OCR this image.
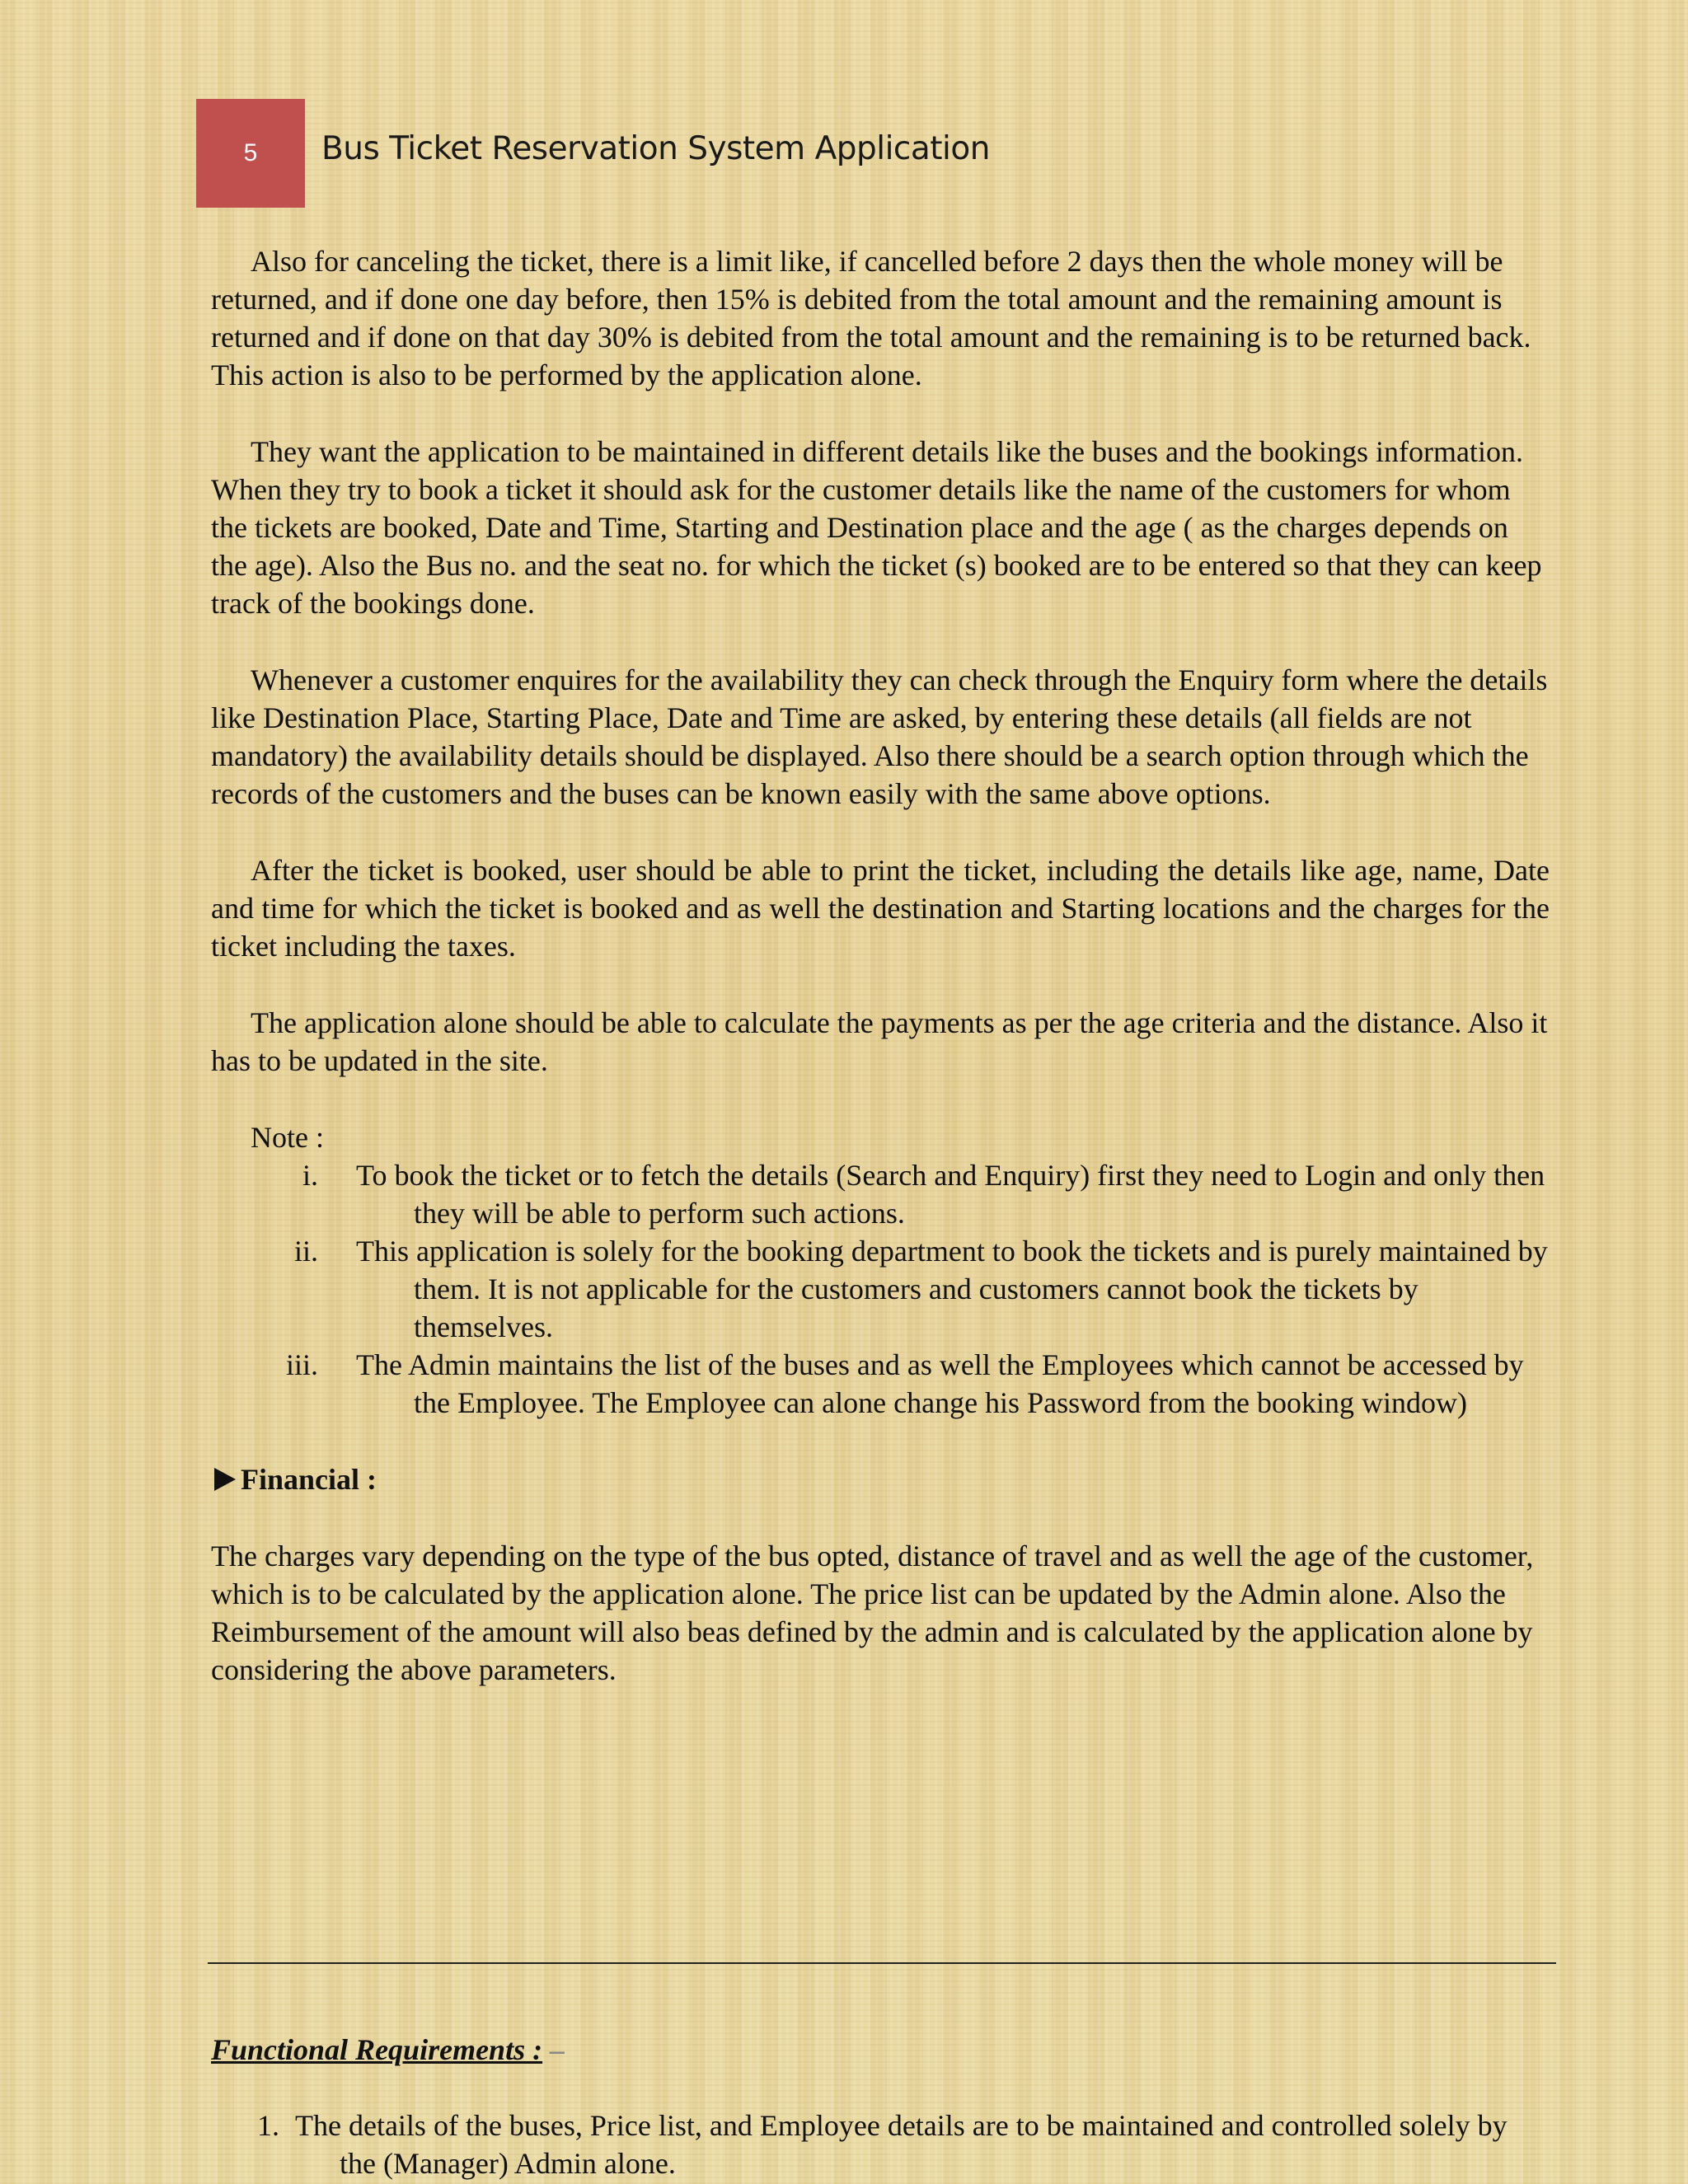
5 Bus Ticket Reservation System Application

Also for canceling the ticket, there is a limit like, if cancelled before 2 days then the whole money will be returned, and if done one day before, then 15% is debited from the total amount and the remaining amount is returned and if done on that day 30% is debited from the total amount and the remaining is to be returned back. This action is also to be performed by the application alone.

They want the application to be maintained in different details like the buses and the bookings information. When they try to book a ticket it should ask for the customer details like the name of the customers for whom the tickets are booked, Date and Time, Starting and Destination place and the age ( as the charges depends on the age). Also the Bus no. and the seat no. for which the ticket (s) booked are to be entered so that they can keep track of the bookings done.

Whenever a customer enquires for the availability they can check through the Enquiry form where the details like Destination Place, Starting Place, Date and Time are asked, by entering these details (all fields are not mandatory) the availability details should be displayed. Also there should be a search option through which the records of the customers and the buses can be known easily with the same above options.

After the ticket is booked, user should be able to print the ticket, including the details like age, name, Date and time for which the ticket is booked and as well the destination and Starting locations and the charges for the ticket including the taxes.

The application alone should be able to calculate the payments as per the age criteria and the distance. Also it has to be updated in the site.

Note :

i. To book the ticket or to fetch the details (Search and Enquiry) first they need to Login and only then they will be able to perform such actions.
ii. This application is solely for the booking department to book the tickets and is purely maintained by them. It is not applicable for the customers and customers cannot book the tickets by themselves.
iii. The Admin maintains the list of the buses and as well the Employees which cannot be accessed by the Employee. The Employee can alone change his Password from the booking window)
Financial :

The charges vary depending on the type of the bus opted, distance of travel and as well the age of the customer, which is to be calculated by the application alone. The price list can be updated by the Admin alone. Also the Reimbursement of the amount will also beas defined by the admin and is calculated by the application alone by considering the above parameters.

Functional Requirements : –

1. The details of the buses, Price list, and Employee details are to be maintained and controlled solely by the (Manager) Admin alone.
